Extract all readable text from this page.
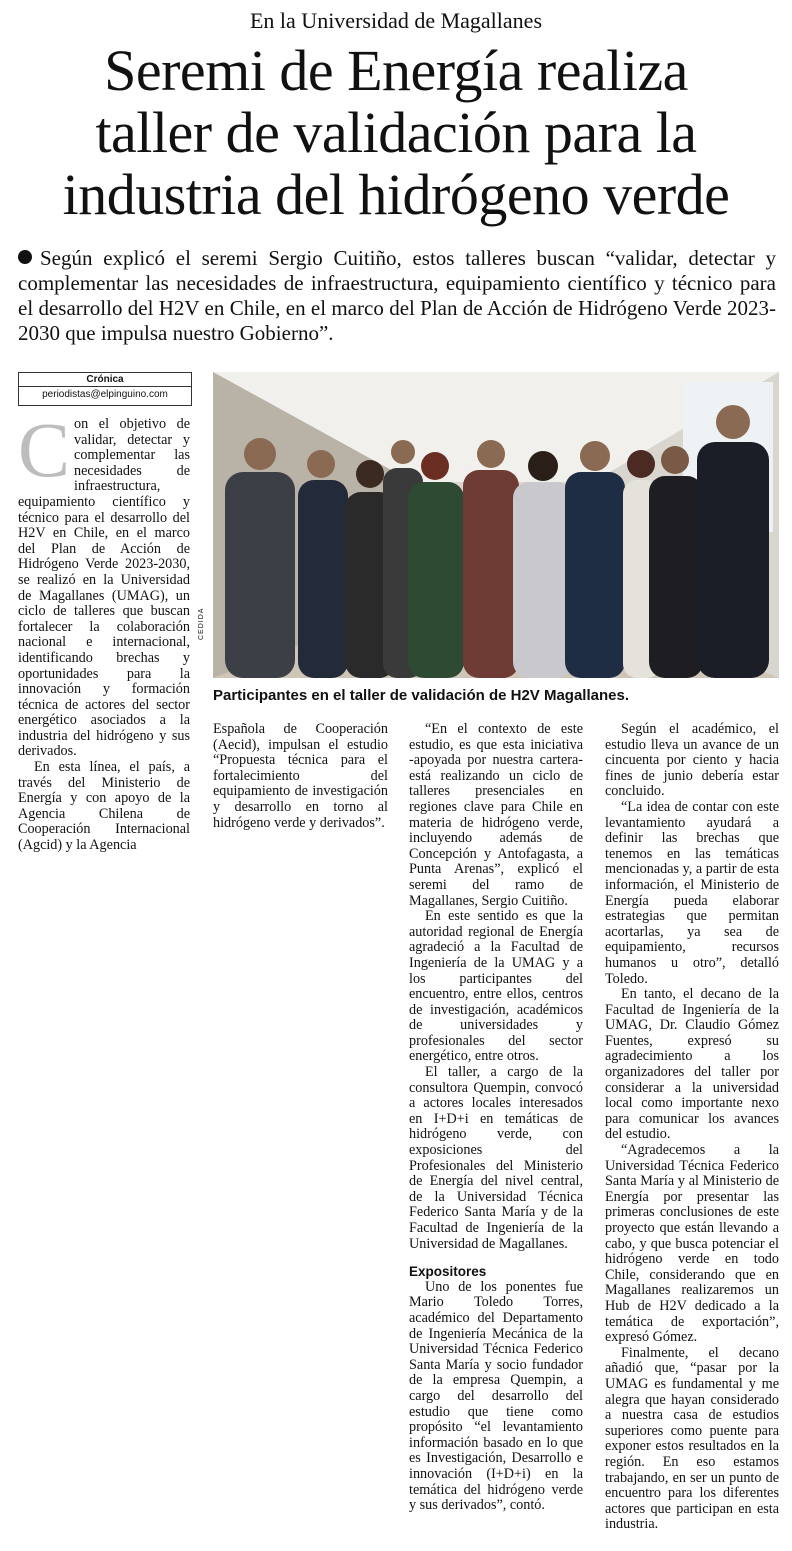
En la Universidad de Magallanes
Seremi de Energía realiza
taller de validación para la
industria del hidrógeno verde
Según explicó el seremi Sergio Cuitiño, estos talleres buscan “validar, detectar y complementar las necesidades de infraestructura, equipamiento científico y técnico para el desarrollo del H2V en Chile, en el marco del Plan de Acción de Hidrógeno Verde 2023-2030 que impulsa nuestro Gobierno”.
Crónica
periodistas@elpinguino.com

Con el objetivo de validar, detectar y complementar las necesidades de infraestructura, equipamiento científico y técnico para el desarrollo del H2V en Chile, en el marco del Plan de Acción de Hidrógeno Verde 2023-2030, se realizó en la Universidad de Magallanes (UMAG), un ciclo de talleres que buscan fortalecer la colaboración nacional e internacional, identificando brechas y oportunidades para la innovación y formación técnica de actores del sector energético asociados a la industria del hidrógeno y sus derivados.

En esta línea, el país, a través del Ministerio de Energía y con apoyo de la Agencia Chilena de Cooperación Internacional (Agcid) y la Agencia

CEDIDA
Participantes en el taller de validación de H2V Magallanes.

Española de Cooperación (Aecid), impulsan el estudio “Propuesta técnica para el fortalecimiento del equipamiento de investigación y desarrollo en torno al hidrógeno verde y derivados”.

“En el contexto de este estudio, es que esta iniciativa -apoyada por nuestra cartera- está realizando un ciclo de talleres presenciales en regiones clave para Chile en materia de hidrógeno verde, incluyendo además de Concepción y Antofagasta, a Punta Arenas”, explicó el seremi del ramo de Magallanes, Sergio Cuitiño.

En este sentido es que la autoridad regional de Energía agradeció a la Facultad de Ingeniería de la UMAG y a los participantes del encuentro, entre ellos, centros de investigación, académicos de universidades y profesionales del sector energético, entre otros.

El taller, a cargo de la consultora Quempin, convocó a actores locales interesados en I+D+i en temáticas de hidrógeno verde, con exposiciones del Profesionales del Ministerio de Energía del nivel central, de la Universidad Técnica Federico Santa María y de la Facultad de Ingeniería de la Universidad de Magallanes.

Expositores

Uno de los ponentes fue Mario Toledo Torres, académico del Departamento de Ingeniería Mecánica de la Universidad Técnica Federico Santa María y socio fundador de la empresa Quempin, a cargo del desarrollo del estudio que tiene como propósito “el levantamiento información basado en lo que es Investigación, Desarrollo e innovación (I+D+i) en la temática del hidrógeno verde y sus derivados”, contó.

Según el académico, el estudio lleva un avance de un cincuenta por ciento y hacia fines de junio debería estar concluido.

“La idea de contar con este levantamiento ayudará a definir las brechas que tenemos en las temáticas mencionadas y, a partir de esta información, el Ministerio de Energía pueda elaborar estrategias que permitan acortarlas, ya sea de equipamiento, recursos humanos u otro”, detalló Toledo.

En tanto, el decano de la Facultad de Ingeniería de la UMAG, Dr. Claudio Gómez Fuentes, expresó su agradecimiento a los organizadores del taller por considerar a la universidad local como importante nexo para comunicar los avances del estudio.

“Agradecemos a la Universidad Técnica Federico Santa María y al Ministerio de Energía por presentar las primeras conclusiones de este proyecto que están llevando a cabo, y que busca potenciar el hidrógeno verde en todo Chile, considerando que en Magallanes realizaremos un Hub de H2V dedicado a la temática de exportación”, expresó Gómez.

Finalmente, el decano añadió que, “pasar por la UMAG es fundamental y me alegra que hayan considerado a nuestra casa de estudios superiores como puente para exponer estos resultados en la región. En eso estamos trabajando, en ser un punto de encuentro para los diferentes actores que participan en esta industria.
